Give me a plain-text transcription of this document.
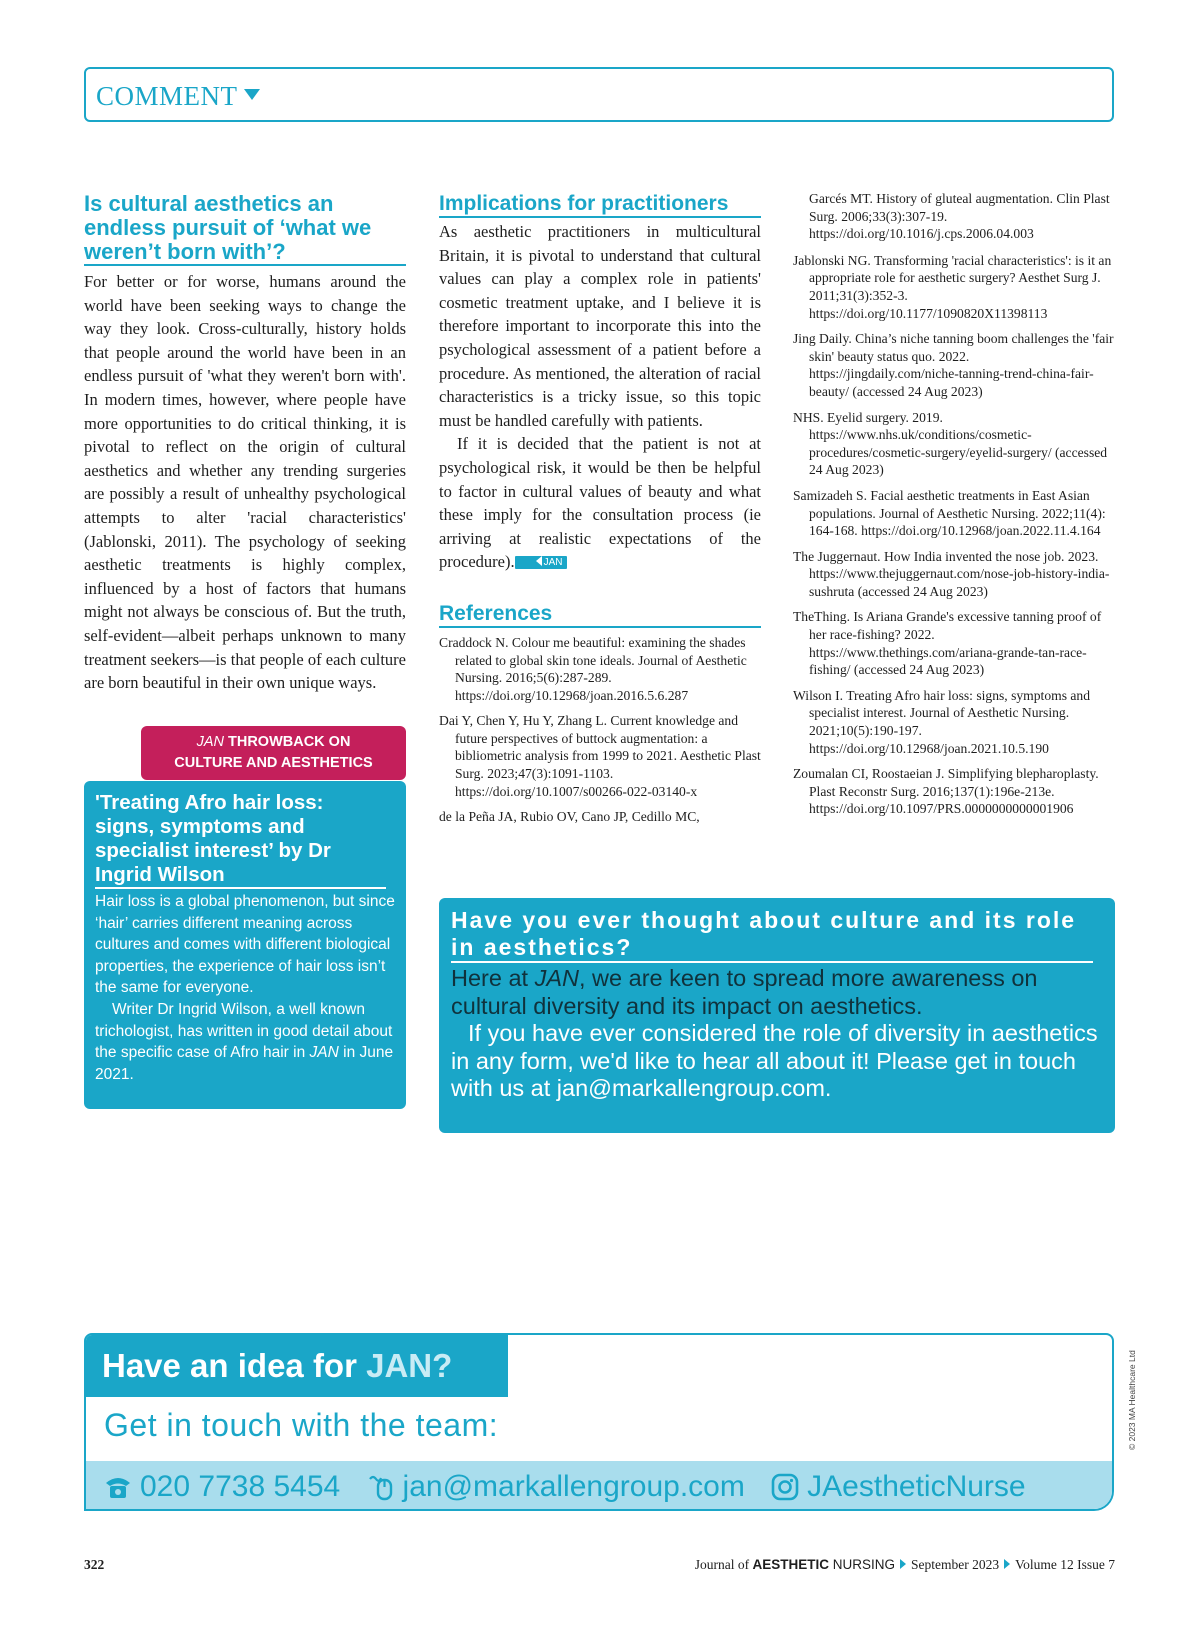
COMMENT
Is cultural aesthetics an endless pursuit of ‘what we weren’t born with’?

For better or for worse, humans around the world have been seeking ways to change the way they look. Cross-culturally, history holds that people around the world have been in an endless pursuit of 'what they weren't born with'. In modern times, however, where people have more opportunities to do critical thinking, it is pivotal to reflect on the origin of cultural aesthetics and whether any trending surgeries are possibly a result of unhealthy psychological attempts to alter 'racial characteristics' (Jablonski, 2011). The psychology of seeking aesthetic treatments is highly complex, influenced by a host of factors that humans might not always be conscious of. But the truth, self-evident—albeit perhaps unknown to many treatment seekers—is that people of each culture are born beautiful in their own unique ways.

JAN THROWBACK ON
CULTURE AND AESTHETICS
'Treating Afro hair loss: signs, symptoms and specialist interest’ by Dr Ingrid Wilson

Hair loss is a global phenomenon, but since ‘hair’ carries different meaning across cultures and comes with different biological properties, the experience of hair loss isn’t the same for everyone.

Writer Dr Ingrid Wilson, a well known trichologist, has written in good detail about the specific case of Afro hair in JAN in June 2021.

Implications for practitioners

As aesthetic practitioners in multicultural Britain, it is pivotal to understand that cultural values can play a complex role in patients' cosmetic treatment uptake, and I believe it is therefore important to incorporate this into the psychological assessment of a patient before a procedure. As mentioned, the alteration of racial characteristics is a tricky issue, so this topic must be handled carefully with patients.

If it is decided that the patient is not at psychological risk, it would be then be helpful to factor in cultural values of beauty and what these imply for the consultation process (ie arriving at realistic expectations of the procedure).	JAN

References
Craddock N. Colour me beautiful: examining the shades related to global skin tone ideals. Journal of Aesthetic Nursing. 2016;5(6):287-289. https://doi.org/10.12968/joan.2016.5.6.287
Dai Y, Chen Y, Hu Y, Zhang L. Current knowledge and future perspectives of buttock augmentation: a bibliometric analysis from 1999 to 2021. Aesthetic Plast Surg. 2023;47(3):1091-1103. https://doi.org/10.1007/s00266-022-03140-x
de la Peña JA, Rubio OV, Cano JP, Cedillo MC,
Garcés MT. History of gluteal augmentation. Clin Plast Surg. 2006;33(3):307-19. https://doi.org/10.1016/j.cps.2006.04.003
Jablonski NG. Transforming 'racial characteristics': is it an appropriate role for aesthetic surgery? Aesthet Surg J. 2011;31(3):352-3. https://doi.org/10.1177/1090820X11398113
Jing Daily. China’s niche tanning boom challenges the 'fair skin' beauty status quo. 2022. https://jingdaily.com/niche-tanning-trend-china-fair-beauty/ (accessed 24 Aug 2023)
NHS. Eyelid surgery. 2019. https://www.nhs.uk/conditions/cosmetic-procedures/cosmetic-surgery/eyelid-surgery/ (accessed 24 Aug 2023)
Samizadeh S. Facial aesthetic treatments in East Asian populations. Journal of Aesthetic Nursing. 2022;11(4): 164-168. https://doi.org/10.12968/joan.2022.11.4.164
The Juggernaut. How India invented the nose job. 2023. https://www.thejuggernaut.com/nose-job-history-india-sushruta (accessed 24 Aug 2023)
TheThing. Is Ariana Grande's excessive tanning proof of her race-fishing? 2022. https://www.thethings.com/ariana-grande-tan-race-fishing/ (accessed 24 Aug 2023)
Wilson I. Treating Afro hair loss: signs, symptoms and specialist interest. Journal of Aesthetic Nursing. 2021;10(5):190-197. https://doi.org/10.12968/joan.2021.10.5.190
Zoumalan CI, Roostaeian J. Simplifying blepharoplasty. Plast Reconstr Surg. 2016;137(1):196e-213e. https://doi.org/10.1097/PRS.0000000000001906
Have you ever thought about culture and its role in aesthetics?

Here at JAN, we are keen to spread more awareness on cultural diversity and its impact on aesthetics.

If you have ever considered the role of diversity in aesthetics in any form, we'd like to hear all about it! Please get in touch with us at jan@markallengroup.com.

Have an idea for JAN?
Get in touch with the team:
020 7738 5454 jan@markallengroup.com JAestheticNurse
© 2023 MA Healthcare Ltd
322	Journal of AESTHETIC NURSING September 2023 Volume 12 Issue 7
